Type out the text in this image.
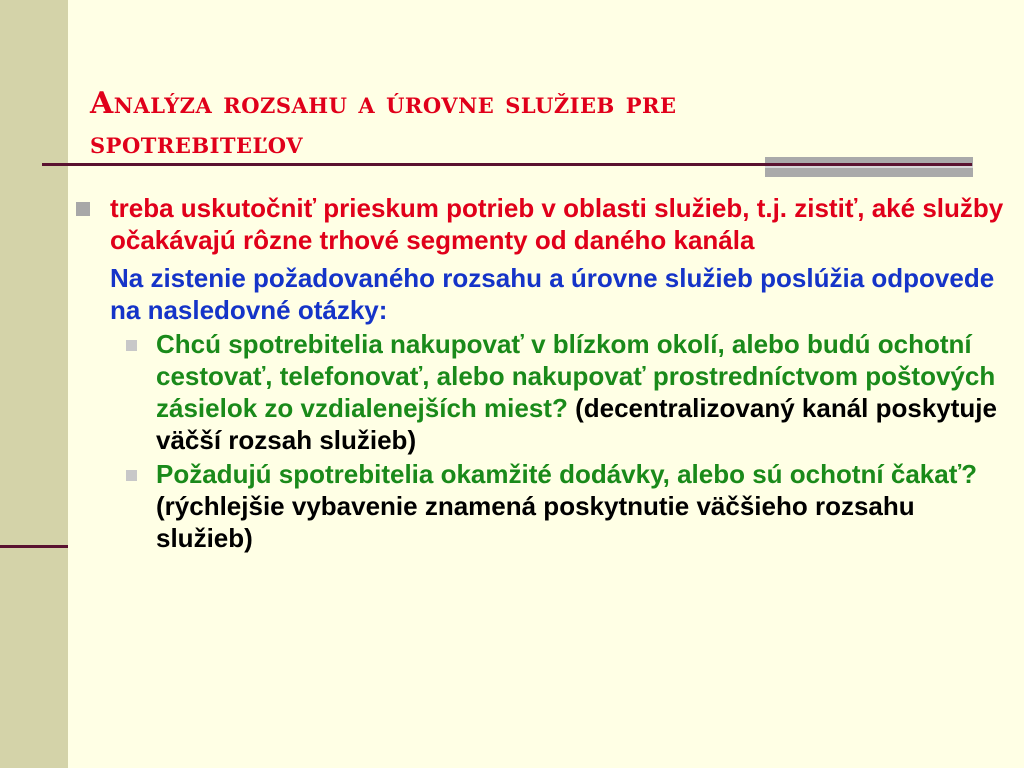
Analýza rozsahu a úrovne služieb pre spotrebiteľov
treba uskutočniť prieskum potrieb v oblasti služieb, t.j. zistiť, aké služby očakávajú rôzne trhové segmenty od daného kanála
Na zistenie požadovaného rozsahu a úrovne služieb poslúžia odpovede na nasledovné otázky:
Chcú spotrebitelia nakupovať v blízkom okolí, alebo budú ochotní cestovať, telefonovať, alebo nakupovať prostredníctvom poštových zásielok zo vzdialenejších miest? (decentralizovaný kanál poskytuje väčší rozsah služieb)
Požadujú spotrebitelia okamžité dodávky, alebo sú ochotní čakať? (rýchlejšie vybavenie znamená poskytnutie väčšieho rozsahu služieb)
